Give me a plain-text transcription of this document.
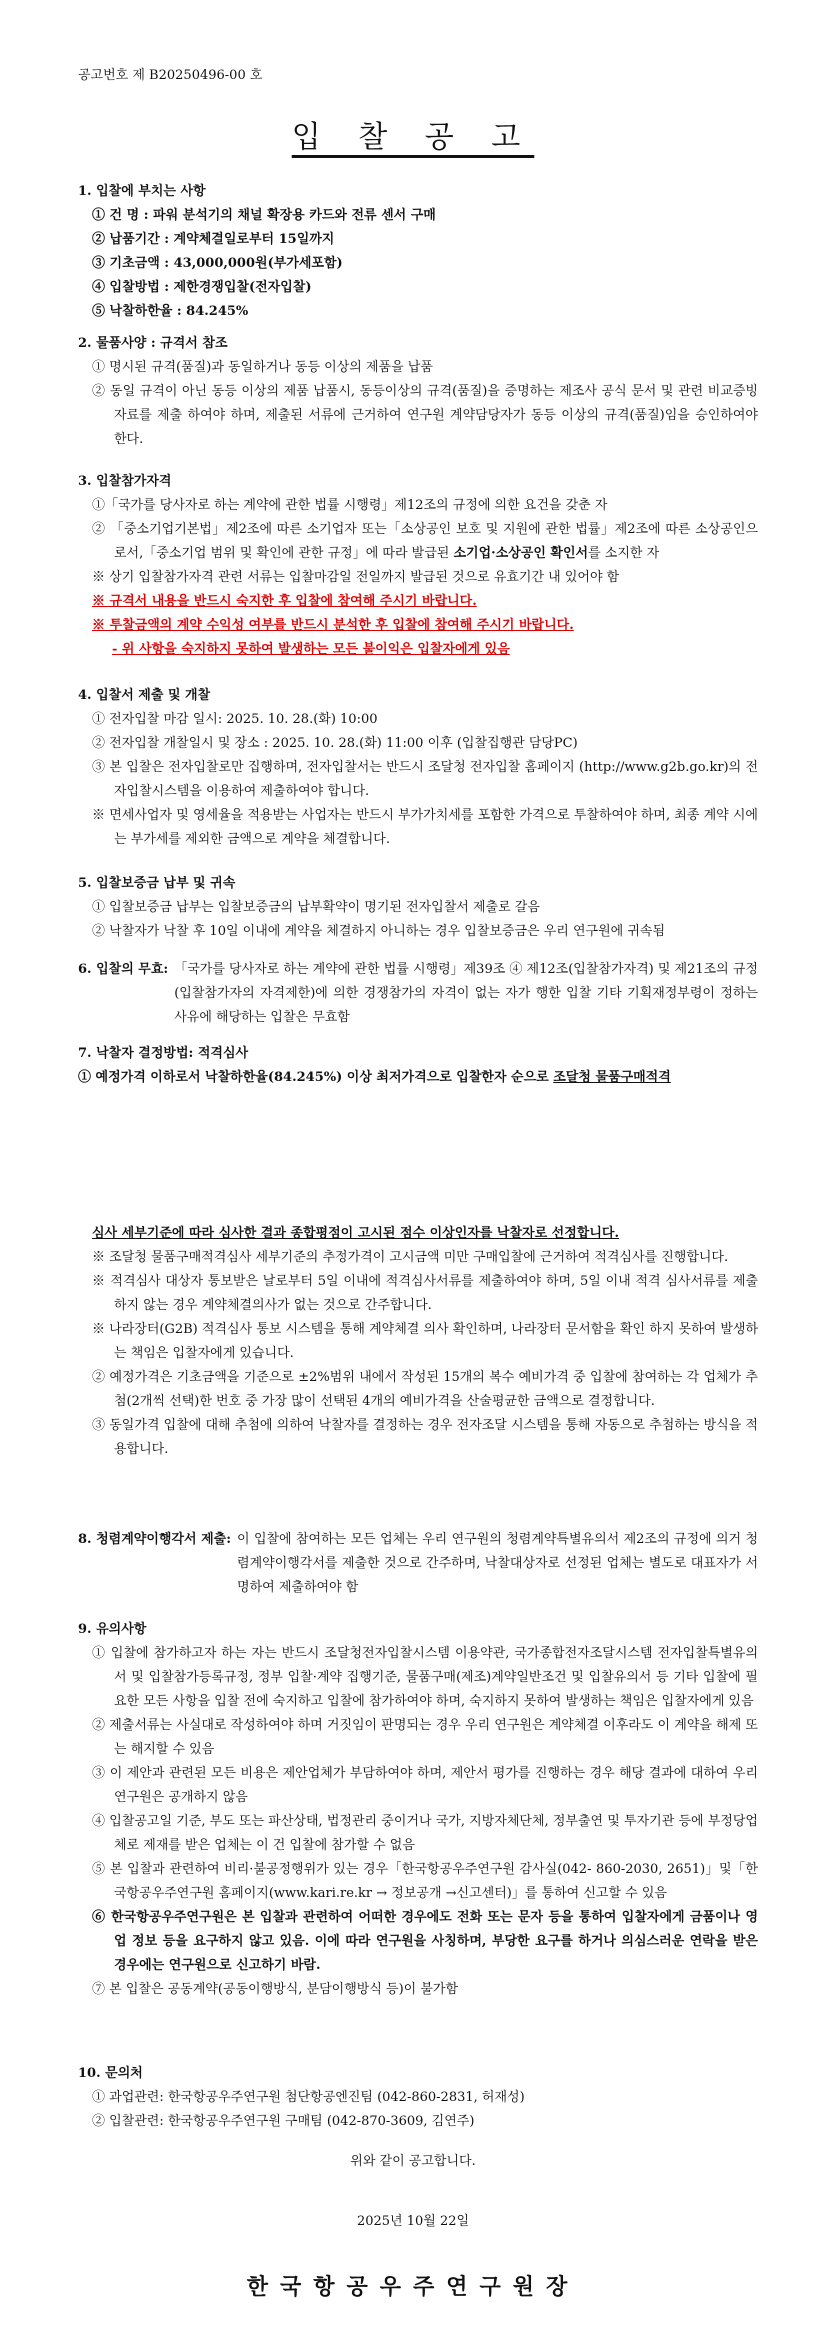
공고번호 제 B20250496-00 호
입 찰 공 고
1. 입찰에 부치는 사항
① 건 명 : 파워 분석기의 채널 확장용 카드와 전류 센서 구매
② 납품기간 : 계약체결일로부터 15일까지
③ 기초금액 : 43,000,000원(부가세포함)
④ 입찰방법 : 제한경쟁입찰(전자입찰)
⑤ 낙찰하한율 : 84.245%
2. 물품사양 : 규격서 참조
① 명시된 규격(품질)과 동일하거나 동등 이상의 제품을 납품
② 동일 규격이 아닌 동등 이상의 제품 납품시, 동등이상의 규격(품질)을 증명하는 제조사 공식 문서 및 관련 비교증빙자료를 제출 하여야 하며, 제출된 서류에 근거하여 연구원 계약담당자가 동등 이상의 규격(품질)임을 승인하여야 한다.
3. 입찰참가자격
①「국가를 당사자로 하는 계약에 관한 법률 시행령」제12조의 규정에 의한 요건을 갖춘 자
② 「중소기업기본법」제2조에 따른 소기업자 또는「소상공인 보호 및 지원에 관한 법률」제2조에 따른 소상공인으로서,「중소기업 범위 및 확인에 관한 규정」에 따라 발급된 소기업·소상공인 확인서를 소지한 자
※ 상기 입찰참가자격 관련 서류는 입찰마감일 전일까지 발급된 것으로 유효기간 내 있어야 함
※ 규격서 내용을 반드시 숙지한 후 입찰에 참여해 주시기 바랍니다.
※ 투찰금액의 계약 수익성 여부를 반드시 분석한 후 입찰에 참여해 주시기 바랍니다.
- 위 사항을 숙지하지 못하여 발생하는 모든 불이익은 입찰자에게 있음
4. 입찰서 제출 및 개찰
① 전자입찰 마감 일시: 2025. 10. 28.(화) 10:00
② 전자입찰 개찰일시 및 장소 : 2025. 10. 28.(화) 11:00 이후 (입찰집행관 담당PC)
③ 본 입찰은 전자입찰로만 집행하며, 전자입찰서는 반드시 조달청 전자입찰 홈페이지 (http://www.g2b.go.kr)의 전자입찰시스템을 이용하여 제출하여야 합니다.
※ 면세사업자 및 영세율을 적용받는 사업자는 반드시 부가가치세를 포함한 가격으로 투찰하여야 하며, 최종 계약 시에는 부가세를 제외한 금액으로 계약을 체결합니다.
5. 입찰보증금 납부 및 귀속
① 입찰보증금 납부는 입찰보증금의 납부확약이 명기된 전자입찰서 제출로 갈음
② 낙찰자가 낙찰 후 10일 이내에 계약을 체결하지 아니하는 경우 입찰보증금은 우리 연구원에 귀속됨
6. 입찰의 무효: 「국가를 당사자로 하는 계약에 관한 법률 시행령」제39조 ④ 제12조(입찰참가자격) 및 제21조의 규정(입찰참가자의 자격제한)에 의한 경쟁참가의 자격이 없는 자가 행한 입찰 기타 기획재정부령이 정하는 사유에 해당하는 입찰은 무효함
7. 낙찰자 결정방법: 적격심사
① 예정가격 이하로서 낙찰하한율(84.245%) 이상 최저가격으로 입찰한자 순으로 조달청 물품구매적격
심사 세부기준에 따라 심사한 결과 종합평점이 고시된 점수 이상인자를 낙찰자로 선정합니다.
※ 조달청 물품구매적격심사 세부기준의 추정가격이 고시금액 미만 구매입찰에 근거하여 적격심사를 진행합니다.
※ 적격심사 대상자 통보받은 날로부터 5일 이내에 적격심사서류를 제출하여야 하며, 5일 이내 적격 심사서류를 제출하지 않는 경우 계약체결의사가 없는 것으로 간주합니다.
※ 나라장터(G2B) 적격심사 통보 시스템을 통해 계약체결 의사 확인하며, 나라장터 문서함을 확인 하지 못하여 발생하는 책임은 입찰자에게 있습니다.
② 예정가격은 기초금액을 기준으로 ±2%범위 내에서 작성된 15개의 복수 예비가격 중 입찰에 참여하는 각 업체가 추첨(2개씩 선택)한 번호 중 가장 많이 선택된 4개의 예비가격을 산술평균한 금액으로 결정합니다.
③ 동일가격 입찰에 대해 추첨에 의하여 낙찰자를 결정하는 경우 전자조달 시스템을 통해 자동으로 추첨하는 방식을 적용합니다.
8. 청렴계약이행각서 제출: 이 입찰에 참여하는 모든 업체는 우리 연구원의 청렴계약특별유의서 제2조의 규정에 의거 청렴계약이행각서를 제출한 것으로 간주하며, 낙찰대상자로 선정된 업체는 별도로 대표자가 서명하여 제출하여야 함
9. 유의사항
① 입찰에 참가하고자 하는 자는 반드시 조달청전자입찰시스템 이용약관, 국가종합전자조달시스템 전자입찰특별유의서 및 입찰참가등록규정, 정부 입찰·계약 집행기준, 물품구매(제조)계약일반조건 및 입찰유의서 등 기타 입찰에 필요한 모든 사항을 입찰 전에 숙지하고 입찰에 참가하여야 하며, 숙지하지 못하여 발생하는 책임은 입찰자에게 있음
② 제출서류는 사실대로 작성하여야 하며 거짓임이 판명되는 경우 우리 연구원은 계약체결 이후라도 이 계약을 해제 또는 해지할 수 있음
③ 이 제안과 관련된 모든 비용은 제안업체가 부담하여야 하며, 제안서 평가를 진행하는 경우 해당 결과에 대하여 우리 연구원은 공개하지 않음
④ 입찰공고일 기준, 부도 또는 파산상태, 법정관리 중이거나 국가, 지방자체단체, 정부출연 및 투자기관 등에 부정당업체로 제재를 받은 업체는 이 건 입찰에 참가할 수 없음
⑤ 본 입찰과 관련하여 비리·불공정행위가 있는 경우「한국항공우주연구원 감사실(042- 860-2030, 2651)」및「한국항공우주연구원 홈페이지(www.kari.re.kr → 정보공개 →신고센터)」를 통하여 신고할 수 있음
⑥ 한국항공우주연구원은 본 입찰과 관련하여 어떠한 경우에도 전화 또는 문자 등을 통하여 입찰자에게 금품이나 영업 정보 등을 요구하지 않고 있음. 이에 따라 연구원을 사칭하며, 부당한 요구를 하거나 의심스러운 연락을 받은 경우에는 연구원으로 신고하기 바람.
⑦ 본 입찰은 공동계약(공동이행방식, 분담이행방식 등)이 불가함
10. 문의처
① 과업관련: 한국항공우주연구원 첨단항공엔진팀 (042-860-2831, 허재성)
② 입찰관련: 한국항공우주연구원 구매팀 (042-870-3609, 김연주)
위와 같이 공고합니다.
2025년 10월 22일
한국항공우주연구원장
